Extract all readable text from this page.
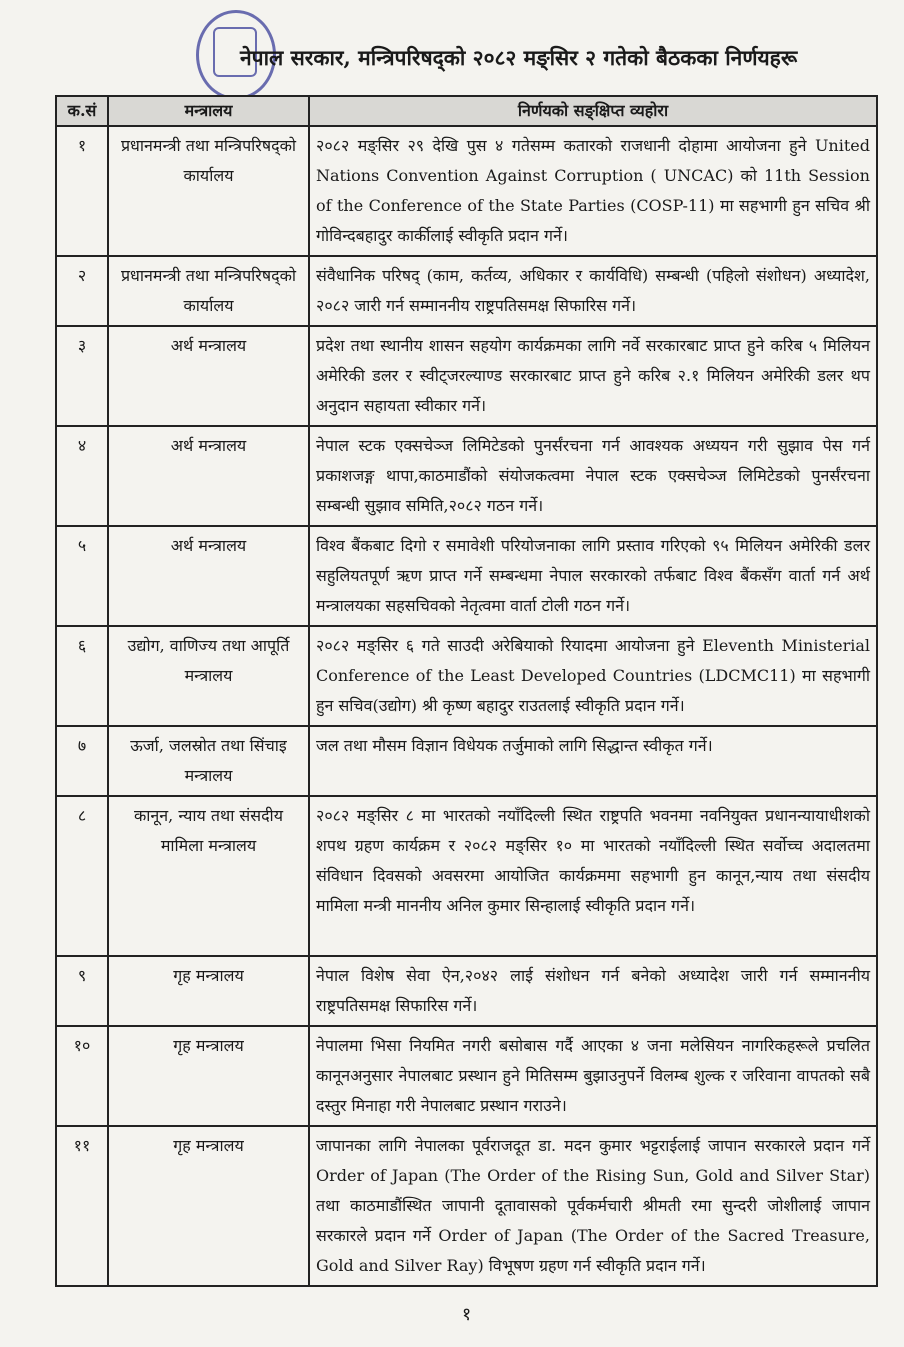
नेपाल सरकार, मन्त्रिपरिषद्को २०८२ मङ्सिर २ गतेको बैठकका निर्णयहरू
क.सं	मन्त्रालय	निर्णयको सङ्क्षिप्त व्यहोरा
१	प्रधानमन्त्री तथा मन्त्रिपरिषद्को कार्यालय	२०८२ मङ्सिर २९ देखि पुस ४ गतेसम्म कतारको राजधानी दोहामा आयोजना हुने United Nations Convention Against Corruption ( UNCAC) को 11th Session of the Conference of the State Parties (COSP-11) मा सहभागी हुन सचिव श्री गोविन्दबहादुर कार्कीलाई स्वीकृति प्रदान गर्ने।
२	प्रधानमन्त्री तथा मन्त्रिपरिषद्को कार्यालय	संवैधानिक परिषद् (काम, कर्तव्य, अधिकार र कार्यविधि) सम्बन्धी (पहिलो संशोधन) अध्यादेश, २०८२ जारी गर्न सम्माननीय राष्ट्रपतिसमक्ष सिफारिस गर्ने।
३	अर्थ मन्त्रालय	प्रदेश तथा स्थानीय शासन सहयोग कार्यक्रमका लागि नर्वे सरकारबाट प्राप्त हुने करिब ५ मिलियन अमेरिकी डलर र स्वीट्जरल्याण्ड सरकारबाट प्राप्त हुने करिब २.१ मिलियन अमेरिकी डलर थप अनुदान सहायता स्वीकार गर्ने।
४	अर्थ मन्त्रालय	नेपाल स्टक एक्सचेञ्ज लिमिटेडको पुनर्संरचना गर्न आवश्यक अध्ययन गरी सुझाव पेस गर्न प्रकाशजङ्ग थापा,काठमाडौंको संयोजकत्वमा नेपाल स्टक एक्सचेञ्ज लिमिटेडको पुनर्संरचना सम्बन्धी सुझाव समिति,२०८२ गठन गर्ने।
५	अर्थ मन्त्रालय	विश्व बैंकबाट दिगो र समावेशी परियोजनाका लागि प्रस्ताव गरिएको ९५ मिलियन अमेरिकी डलर सहुलियतपूर्ण ऋण प्राप्त गर्ने सम्बन्धमा नेपाल सरकारको तर्फबाट विश्व बैंकसँग वार्ता गर्न अर्थ मन्त्रालयका सहसचिवको नेतृत्वमा वार्ता टोली गठन गर्ने।
६	उद्योग, वाणिज्य तथा आपूर्ति मन्त्रालय	२०८२ मङ्सिर ६ गते साउदी अरेबियाको रियादमा आयोजना हुने Eleventh Ministerial Conference of the Least Developed Countries (LDCMC11) मा सहभागी हुन सचिव(उद्योग) श्री कृष्ण बहादुर राउतलाई स्वीकृति प्रदान गर्ने।
७	ऊर्जा, जलस्रोत तथा सिंचाइ मन्त्रालय	जल तथा मौसम विज्ञान विधेयक तर्जुमाको लागि सिद्धान्त स्वीकृत गर्ने।
८	कानून, न्याय तथा संसदीय मामिला मन्त्रालय	२०८२ मङ्सिर ८ मा भारतको नयाँदिल्ली स्थित राष्ट्रपति भवनमा नवनियुक्त प्रधानन्यायाधीशको शपथ ग्रहण कार्यक्रम र २०८२ मङ्सिर १० मा भारतको नयाँदिल्ली स्थित सर्वोच्च अदालतमा संविधान दिवसको अवसरमा आयोजित कार्यक्रममा सहभागी हुन कानून,न्याय तथा संसदीय मामिला मन्त्री माननीय अनिल कुमार सिन्हालाई स्वीकृति प्रदान गर्ने।
९	गृह मन्त्रालय	नेपाल विशेष सेवा ऐन,२०४२ लाई संशोधन गर्न बनेको अध्यादेश जारी गर्न सम्माननीय राष्ट्रपतिसमक्ष सिफारिस गर्ने।
१०	गृह मन्त्रालय	नेपालमा भिसा नियमित नगरी बसोबास गर्दै आएका ४ जना मलेसियन नागरिकहरूले प्रचलित कानूनअनुसार नेपालबाट प्रस्थान हुने मितिसम्म बुझाउनुपर्ने विलम्ब शुल्क र जरिवाना वापतको सबै दस्तुर मिनाहा गरी नेपालबाट प्रस्थान गराउने।
११	गृह मन्त्रालय	जापानका लागि नेपालका पूर्वराजदूत डा. मदन कुमार भट्टराईलाई जापान सरकारले प्रदान गर्ने Order of Japan (The Order of the Rising Sun, Gold and Silver Star) तथा काठमाडौंस्थित जापानी दूतावासको पूर्वकर्मचारी श्रीमती रमा सुन्दरी जोशीलाई जापान सरकारले प्रदान गर्ने Order of Japan (The Order of the Sacred Treasure, Gold and Silver Ray) विभूषण ग्रहण गर्न स्वीकृति प्रदान गर्ने।
१
